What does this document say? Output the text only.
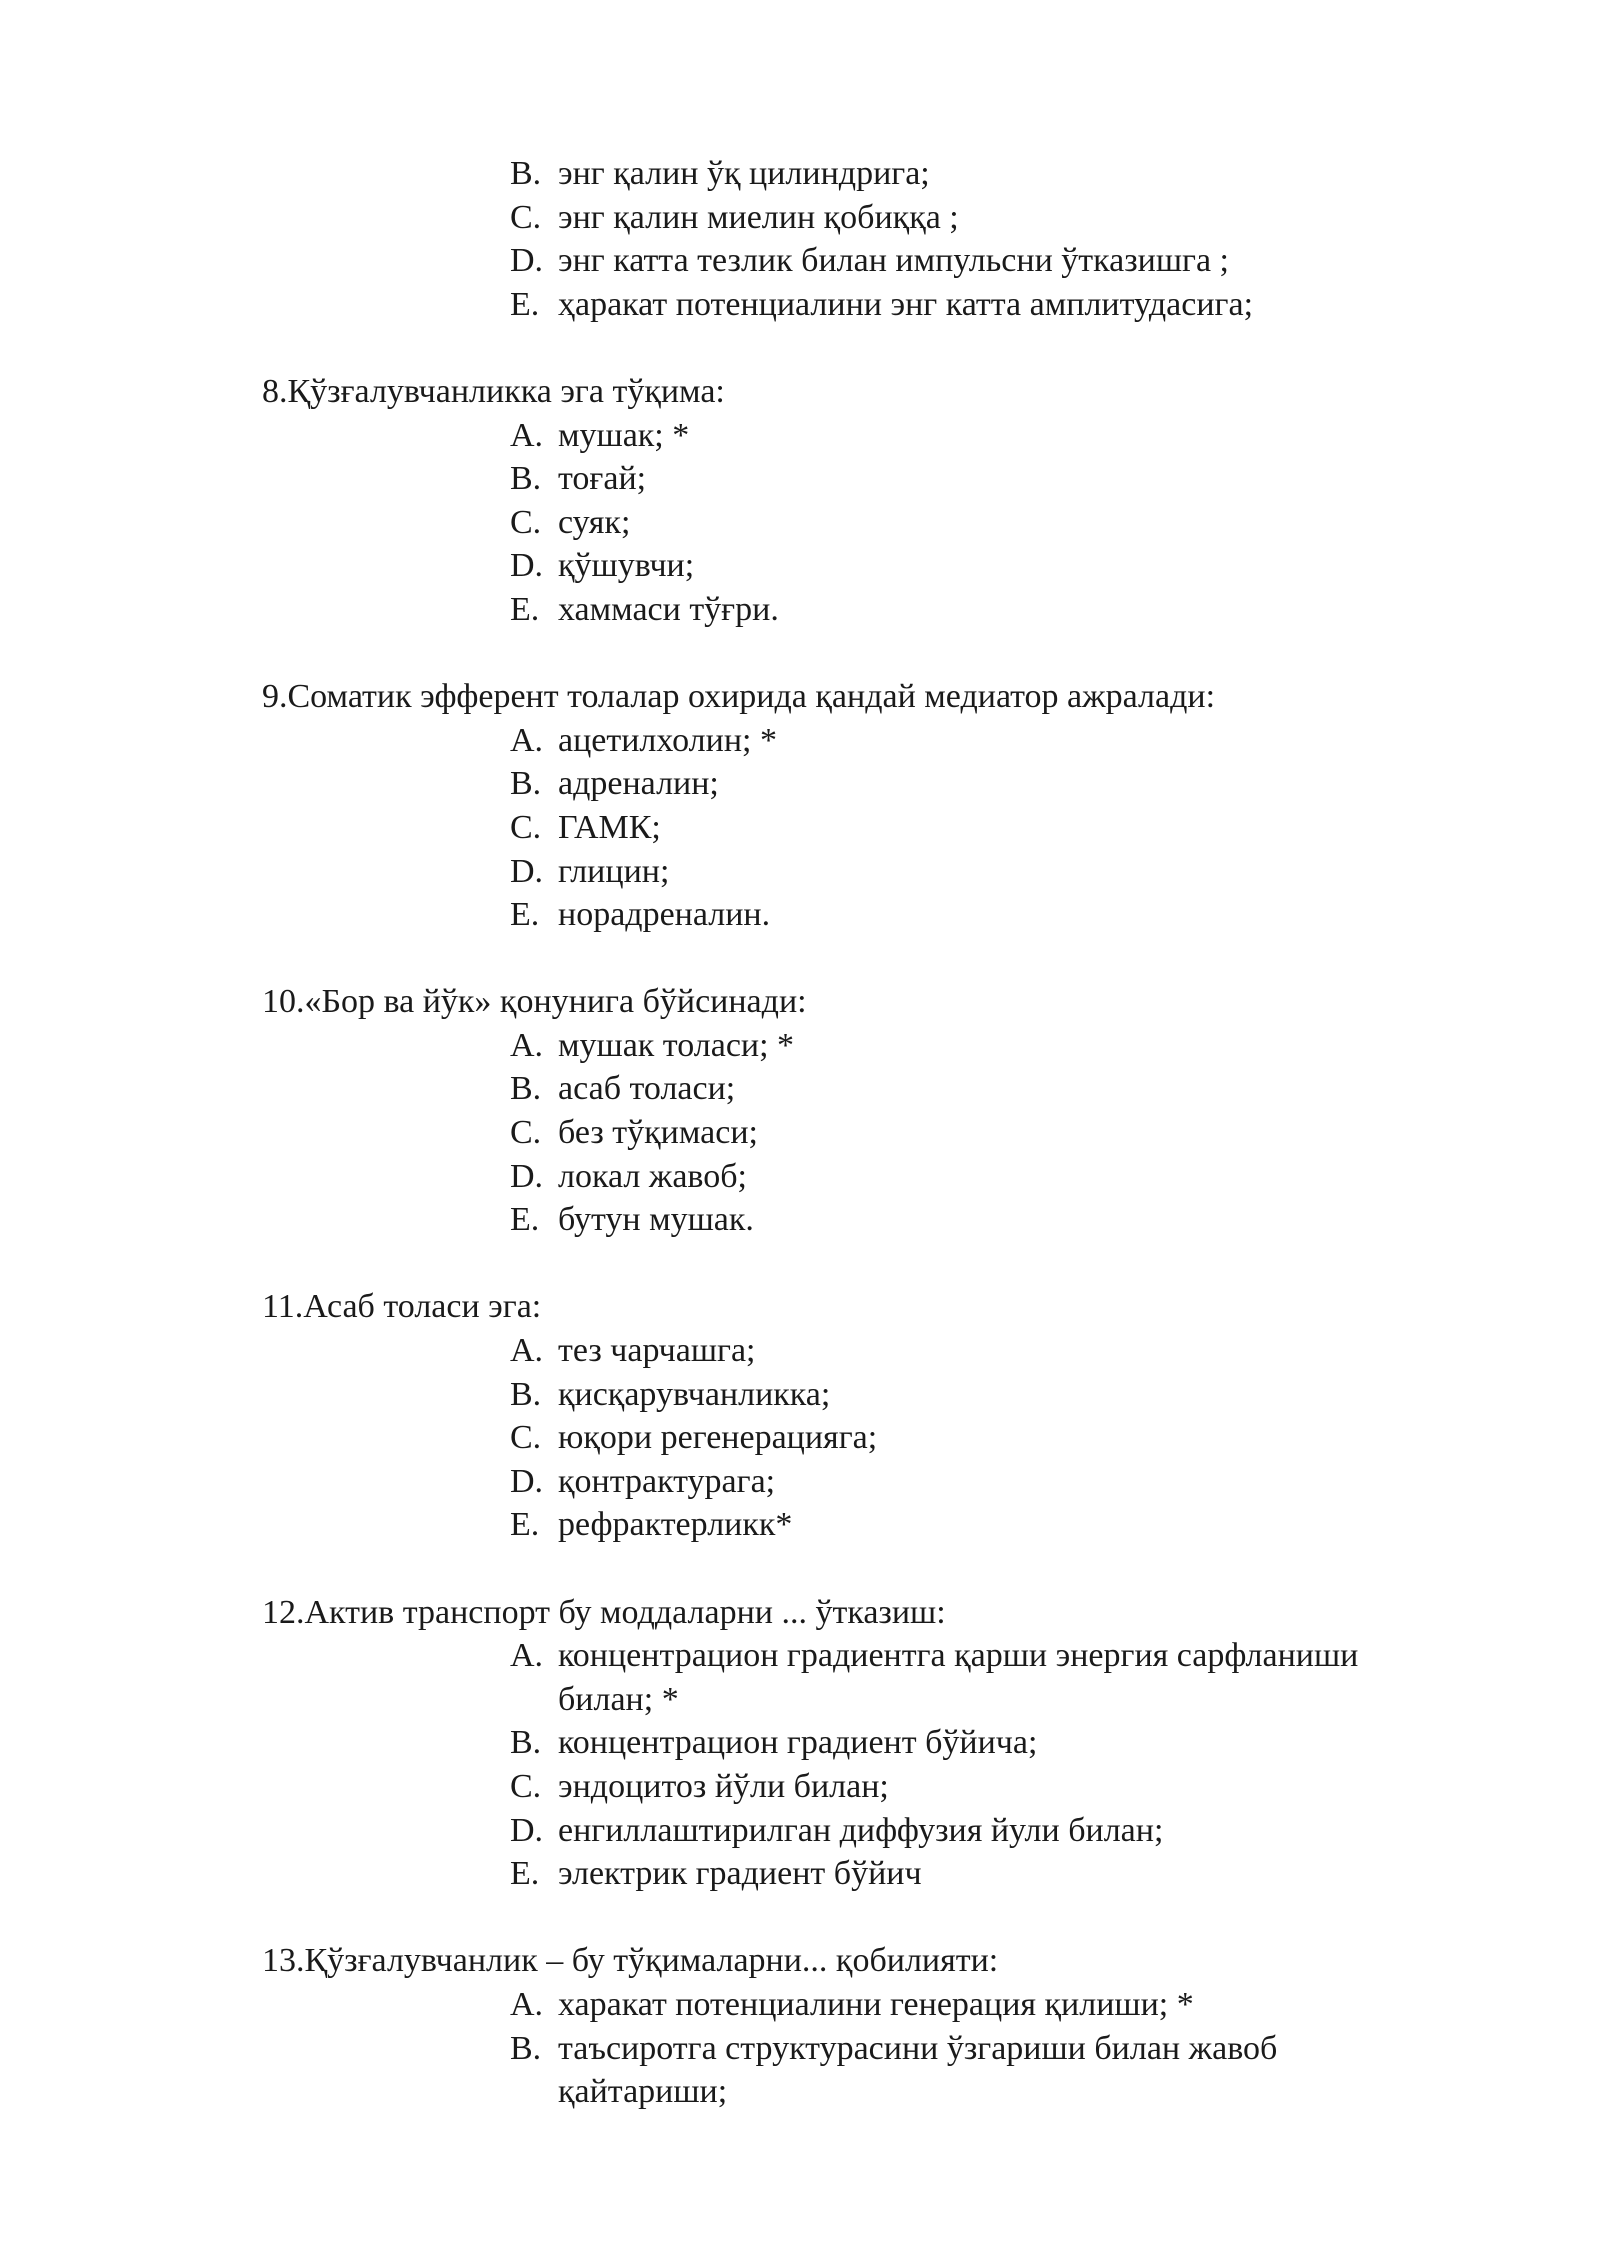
B. энг қалин ўқ цилиндрига;
C. энг қалин миелин қобиққа ;
D. энг катта тезлик билан импульсни ўтказишга ;
E. ҳаракат потенциалини энг катта амплитудасига;
8.Қўзғалувчанликка эга тўқима:
A. мушак; *
B. тоғай;
C. суяк;
D. қўшувчи;
E. хаммаси тўғри.
9.Соматик эфферент толалар охирида қандай медиатор ажралади:
A. ацетилхолин; *
B. адреналин;
C. ГАМК;
D. глицин;
E. норадреналин.
10.«Бор ва йўк» қонунига бўйсинади:
A. мушак толаси; *
B. асаб толаси;
C. без тўқимаси;
D. локал жавоб;
E. бутун мушак.
11.Асаб толаси эга:
A. тез чарчашга;
B. қисқарувчанликка;
C. юқори регенерацияга;
D. қонтрактурага;
E. рефрактерликк*
12.Актив транспорт бу моддаларни ... ўтказиш:
A. концентрацион градиентга қарши энергия сарфланиши
билан; *
B. концентрацион градиент бўйича;
C. эндоцитоз йўли билан;
D. енгиллаштирилган диффузия йули билан;
E. электрик градиент бўйич
13.Қўзғалувчанлик – бу тўқималарни... қобилияти:
A. харакат потенциалини генерация қилиши; *
B. таъсиротга структурасини ўзгариши билан жавоб
қайтариши;
